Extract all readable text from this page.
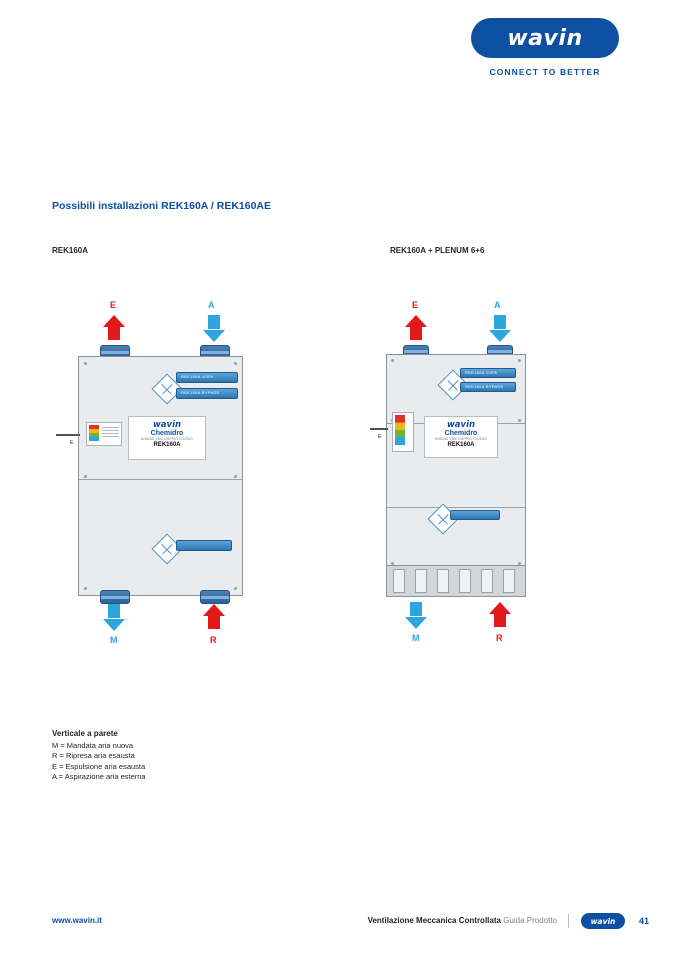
wavin
CONNECT TO BETTER
Possibili installazioni REK160A / REK160AE
REK160A	REK160A + PLENUM 6+6
E	A
REK160A 100%
REK160A BYPASS
E
wavin
Chemidro
UNIDAD VMC DOPPIO FLUSSO
REK160A
M	R
E	A
REK160A 100%
REK160A BYPASS
E
wavin
Chemidro
UNIDAD VMC DOPPIO FLUSSO
REK160A
M	R
Verticale a parete
M = Mandata aria nuova
R = Ripresa aria esausta
E = Espulsione aria esausta
A = Aspirazione aria esterna
www.wavin.it	Ventilazione Meccanica Controllata Guida Prodotto	wavin	41
